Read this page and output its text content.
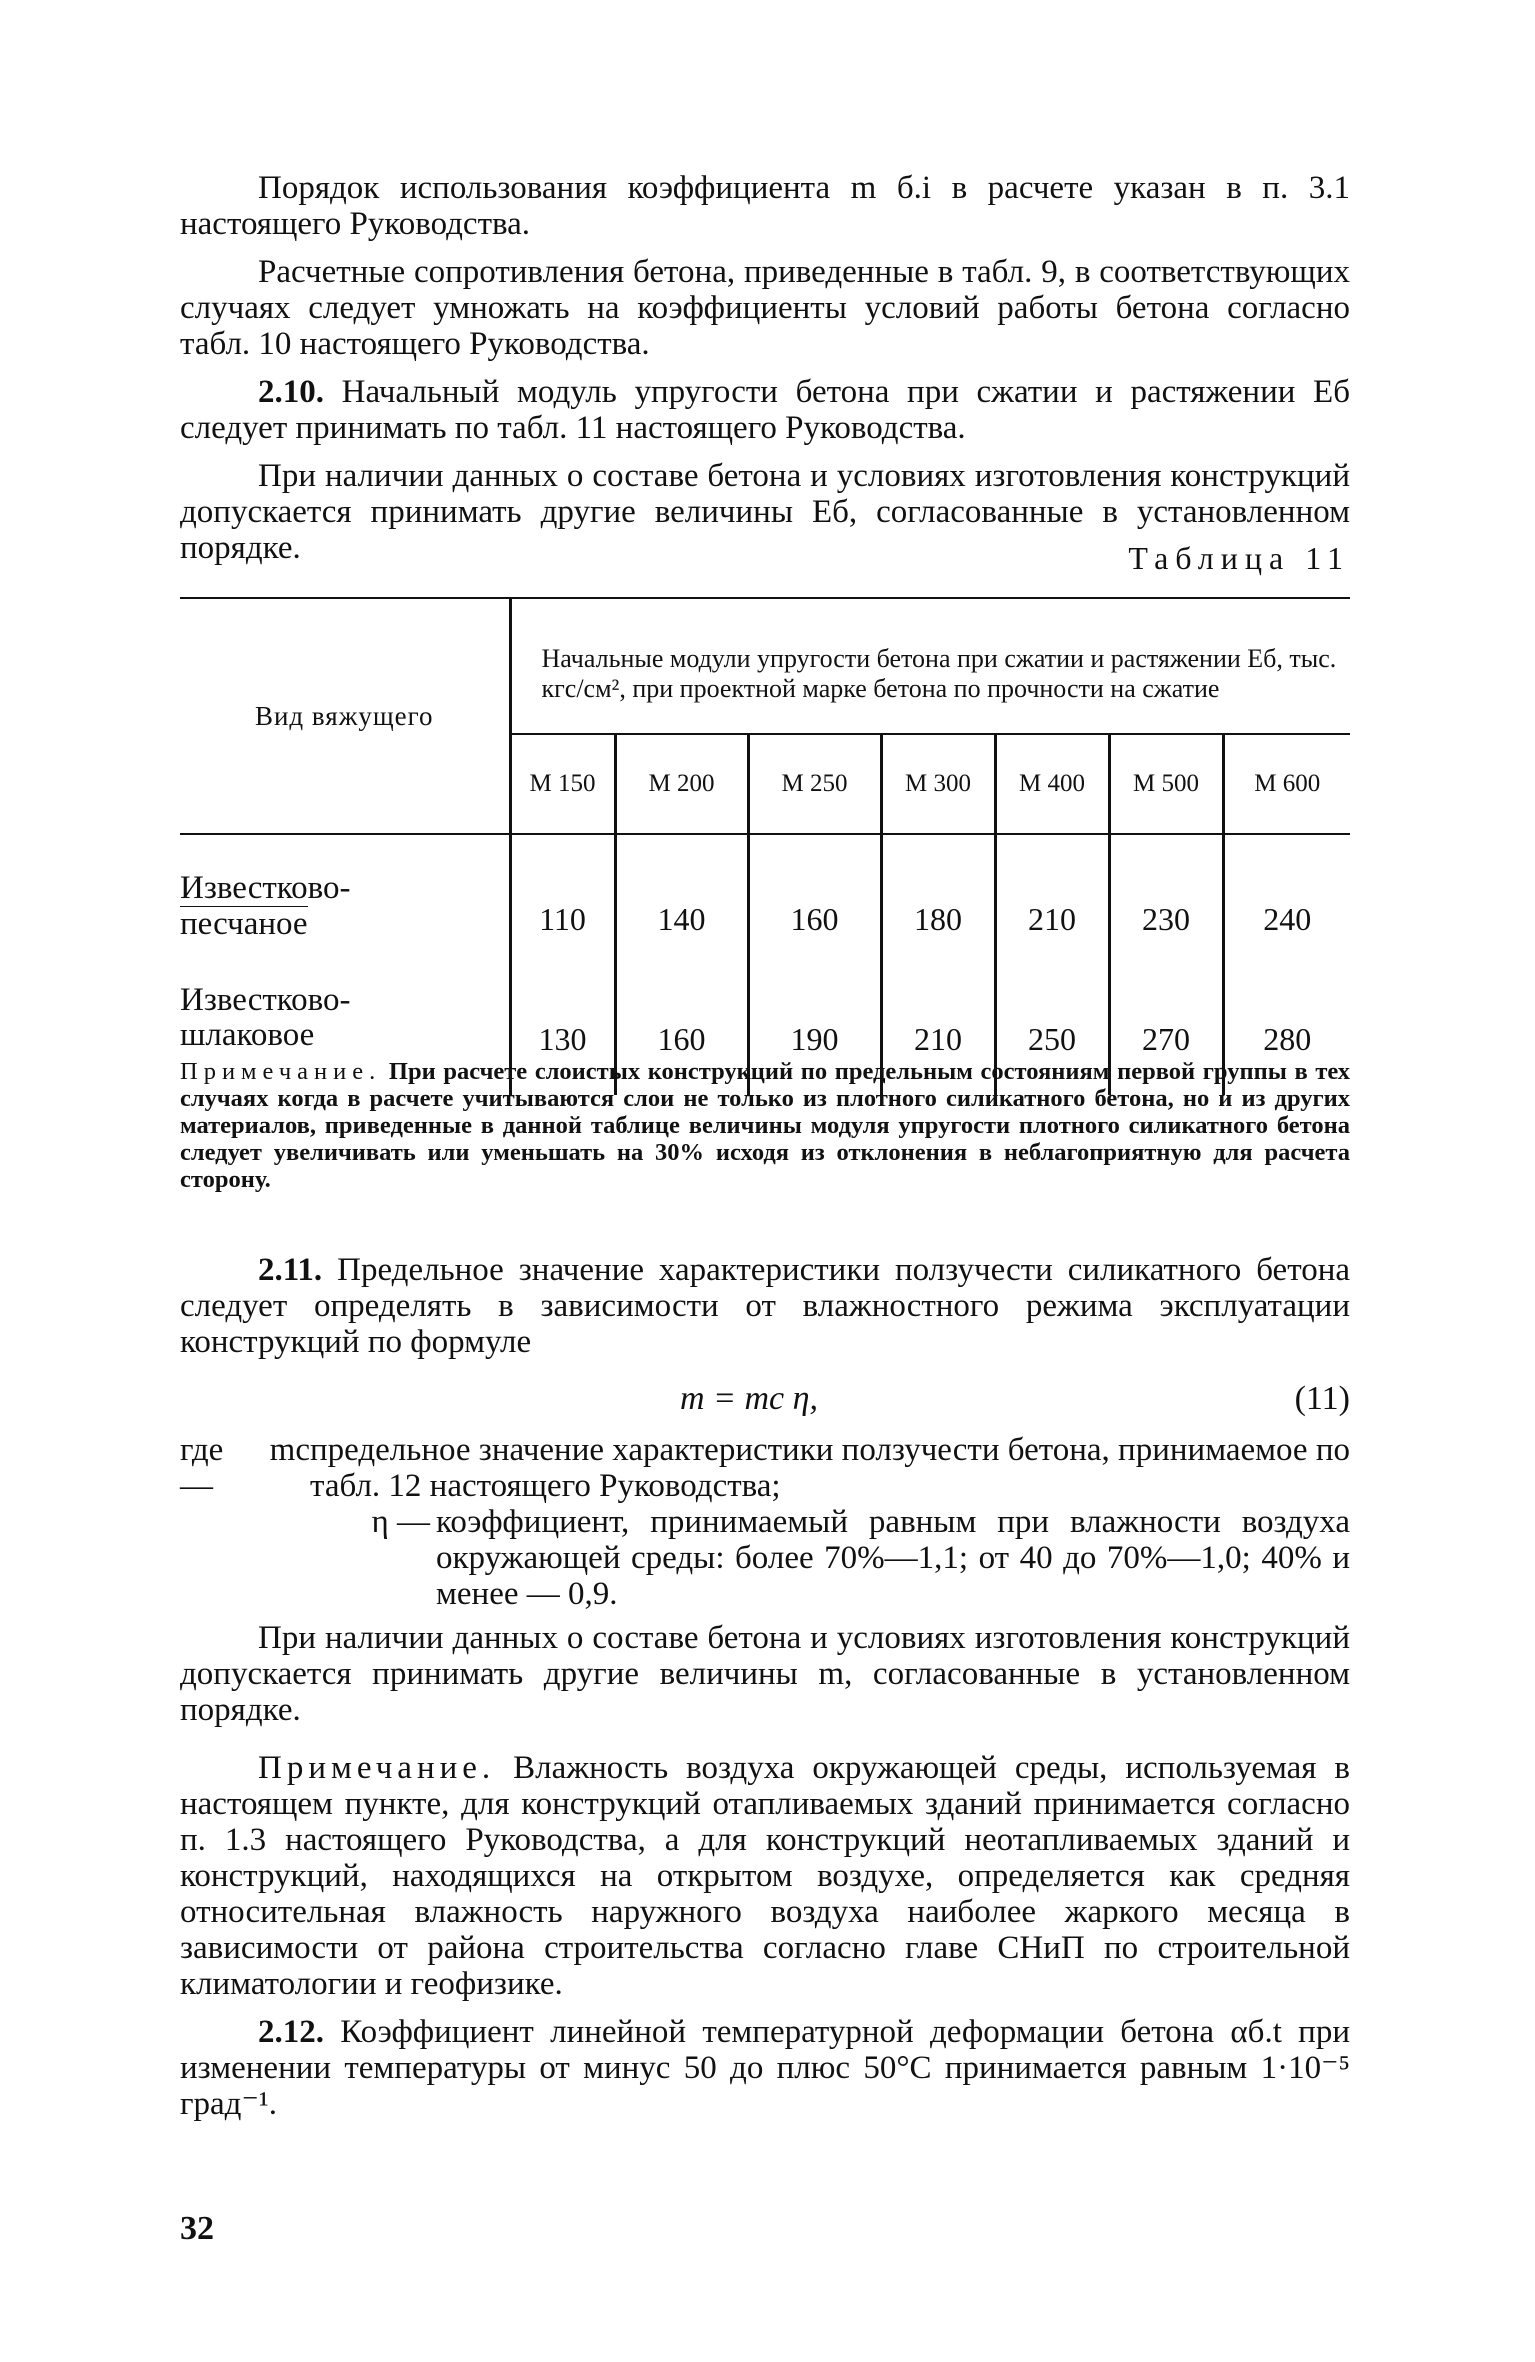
Порядок использования коэффициента m б.i в расчете указан в п. 3.1 настоящего Руководства.

Расчетные сопротивления бетона, приведенные в табл. 9, в соответствующих случаях следует умножать на коэффициенты условий работы бетона согласно табл. 10 настоящего Руководства.

2.10. Начальный модуль упругости бетона при сжатии и растяжении Eб следует принимать по табл. 11 настоящего Руководства.

При наличии данных о составе бетона и условиях изготовления конструкций допускается принимать другие величины Eб, согласованные в установленном порядке.	Таблица 11
Вид вяжущего	Начальные модули упругости бетона при сжатии и растяжении Eб, тыс. кгс/см², при проектной марке бетона по прочности на сжатие						
	М 150	М 200	М 250	М 300	М 400	М 500	М 600
Известково-
песчаное	110	140	160	180	210	230	240
Известково-
шлаковое	130	160	190	210	250	270	280
Примечание. При расчете слоистых конструкций по предельным состояниям первой группы в тех случаях когда в расчете учитываются слои не только из плотного силикатного бетона, но и из других материалов, приведенные в данной таблице величины модуля упругости плотного силикатного бетона следует увеличивать или уменьшать на 30% исходя из отклонения в неблагоприятную для расчета сторону.

2.11. Предельное значение характеристики ползучести силикатного бетона следует определять в зависимости от влажностного режима эксплуатации конструкций по формуле

m = mс η,	(11)
где mс —
предельное значение характеристики ползучести бетона, принимаемое по табл. 12 настоящего Руководства;
η — коэффициент, принимаемый равным при влажности воздуха окружающей среды: более 70%—1,1; от 40 до 70%—1,0; 40% и менее — 0,9.

При наличии данных о составе бетона и условиях изготовления конструкций допускается принимать другие величины m, согласованные в установленном порядке.

Примечание. Влажность воздуха окружающей среды, используемая в настоящем пункте, для конструкций отапливаемых зданий принимается согласно п. 1.3 настоящего Руководства, а для конструкций неотапливаемых зданий и конструкций, находящихся на открытом воздухе, определяется как средняя относительная влажность наружного воздуха наиболее жаркого месяца в зависимости от района строительства согласно главе СНиП по строительной климатологии и геофизике.

2.12. Коэффициент линейной температурной деформации бетона αб.t при изменении температуры от минус 50 до плюс 50°С принимается равным 1·10⁻⁵ град⁻¹.

32
